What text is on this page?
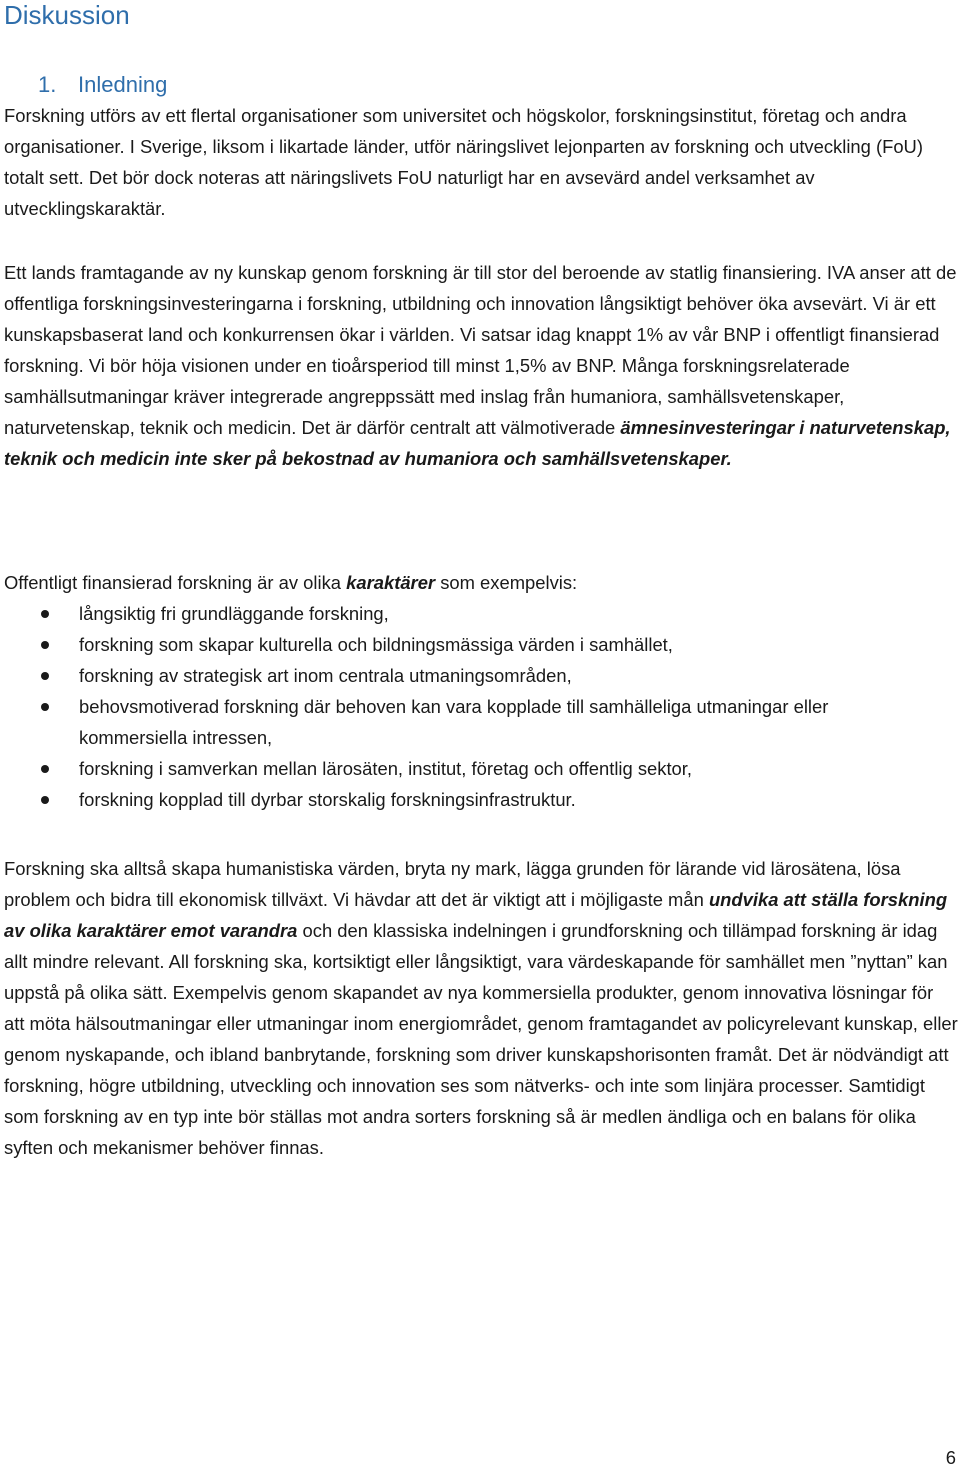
Diskussion
1. Inledning

Forskning utförs av ett flertal organisationer som universitet och högskolor, forskningsinstitut, företag och andra organisationer. I Sverige, liksom i likartade länder, utför näringslivet lejonparten av forskning och utveckling (FoU) totalt sett. Det bör dock noteras att näringslivets FoU naturligt har en avsevärd andel verksamhet av utvecklingskaraktär.

Ett lands framtagande av ny kunskap genom forskning är till stor del beroende av statlig finansiering. IVA anser att de offentliga forskningsinvesteringarna i forskning, utbildning och innovation långsiktigt behöver öka avsevärt. Vi är ett kunskapsbaserat land och konkurrensen ökar i världen. Vi satsar idag knappt 1% av vår BNP i offentligt finansierad forskning. Vi bör höja visionen under en tioårsperiod till minst 1,5% av BNP. Många forskningsrelaterade samhällsutmaningar kräver integrerade angreppssätt med inslag från humaniora, samhällsvetenskaper, naturvetenskap, teknik och medicin. Det är därför centralt att välmotiverade ämnesinvesteringar i naturvetenskap, teknik och medicin inte sker på bekostnad av humaniora och samhällsvetenskaper.

Offentligt finansierad forskning är av olika karaktärer som exempelvis:

långsiktig fri grundläggande forskning,
forskning som skapar kulturella och bildningsmässiga värden i samhället,
forskning av strategisk art inom centrala utmaningsområden,
behovsmotiverad forskning där behoven kan vara kopplade till samhälleliga utmaningar eller kommersiella intressen,
forskning i samverkan mellan lärosäten, institut, företag och offentlig sektor,
forskning kopplad till dyrbar storskalig forskningsinfrastruktur.

Forskning ska alltså skapa humanistiska värden, bryta ny mark, lägga grunden för lärande vid lärosätena, lösa problem och bidra till ekonomisk tillväxt. Vi hävdar att det är viktigt att i möjligaste mån undvika att ställa forskning av olika karaktärer emot varandra och den klassiska indelningen i grundforskning och tillämpad forskning är idag allt mindre relevant. All forskning ska, kortsiktigt eller långsiktigt, vara värdeskapande för samhället men ”nyttan” kan uppstå på olika sätt. Exempelvis genom skapandet av nya kommersiella produkter, genom innovativa lösningar för att möta hälsoutmaningar eller utmaningar inom energiområdet, genom framtagandet av policyrelevant kunskap, eller genom nyskapande, och ibland banbrytande, forskning som driver kunskapshorisonten framåt. Det är nödvändigt att forskning, högre utbildning, utveckling och innovation ses som nätverks- och inte som linjära processer. Samtidigt som forskning av en typ inte bör ställas mot andra sorters forskning så är medlen ändliga och en balans för olika syften och mekanismer behöver finnas.

6
